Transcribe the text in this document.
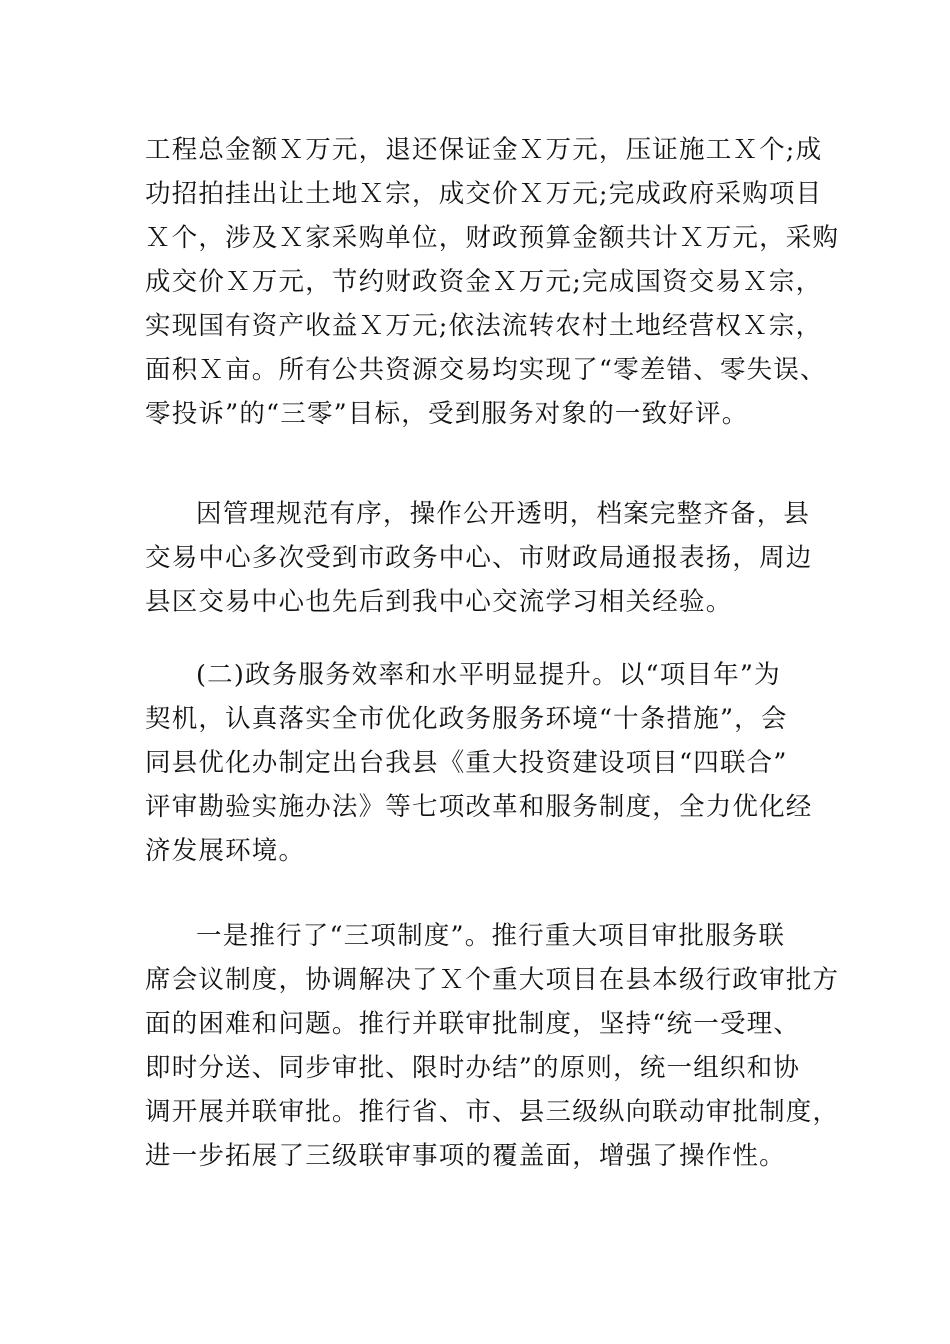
工程总金额Ｘ万元，退还保证金Ｘ万元，压证施工Ｘ个;成
功招拍挂出让土地Ｘ宗，成交价Ｘ万元;完成政府采购项目
Ｘ个，涉及Ｘ家采购单位，财政预算金额共计Ｘ万元，采购
成交价Ｘ万元，节约财政资金Ｘ万元;完成国资交易Ｘ宗，
实现国有资产收益Ｘ万元;依法流转农村土地经营权Ｘ宗，
面积Ｘ亩。所有公共资源交易均实现了“零差错、零失误、
零投诉”的“三零”目标，受到服务对象的一致好评。
因管理规范有序，操作公开透明，档案完整齐备，县
交易中心多次受到市政务中心、市财政局通报表扬，周边
县区交易中心也先后到我中心交流学习相关经验。
(二)政务服务效率和水平明显提升。以“项目年”为
契机，认真落实全市优化政务服务环境“十条措施”，会
同县优化办制定出台我县《重大投资建设项目“四联合”
评审勘验实施办法》等七项改革和服务制度，全力优化经
济发展环境。
一是推行了“三项制度”。推行重大项目审批服务联
席会议制度，协调解决了Ｘ个重大项目在县本级行政审批方
面的困难和问题。推行并联审批制度，坚持“统一受理、
即时分送、同步审批、限时办结”的原则，统一组织和协
调开展并联审批。推行省、市、县三级纵向联动审批制度，
进一步拓展了三级联审事项的覆盖面，增强了操作性。
